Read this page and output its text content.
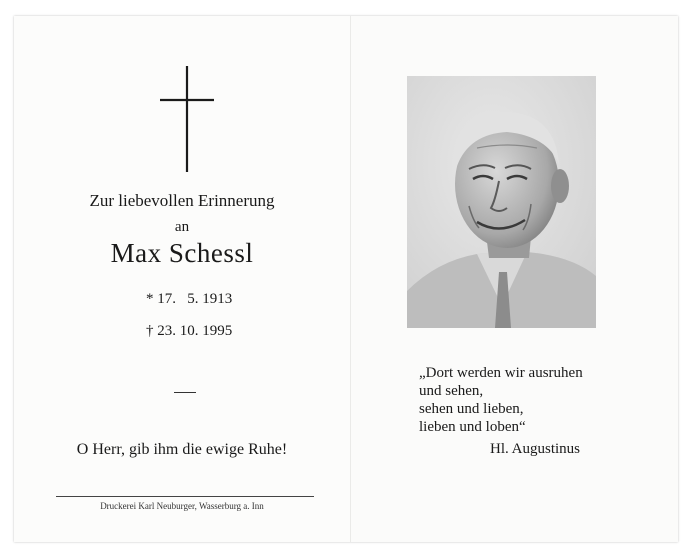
Zur liebevollen Erinnerung
an
Max Schessl
* 17.   5. 1913
† 23. 10. 1995
O Herr, gib ihm die ewige Ruhe!
Druckerei Karl Neuburger, Wasserburg a. Inn
„Dort werden wir ausruhen
und sehen,
sehen und lieben,
lieben und loben“
Hl. Augustinus
